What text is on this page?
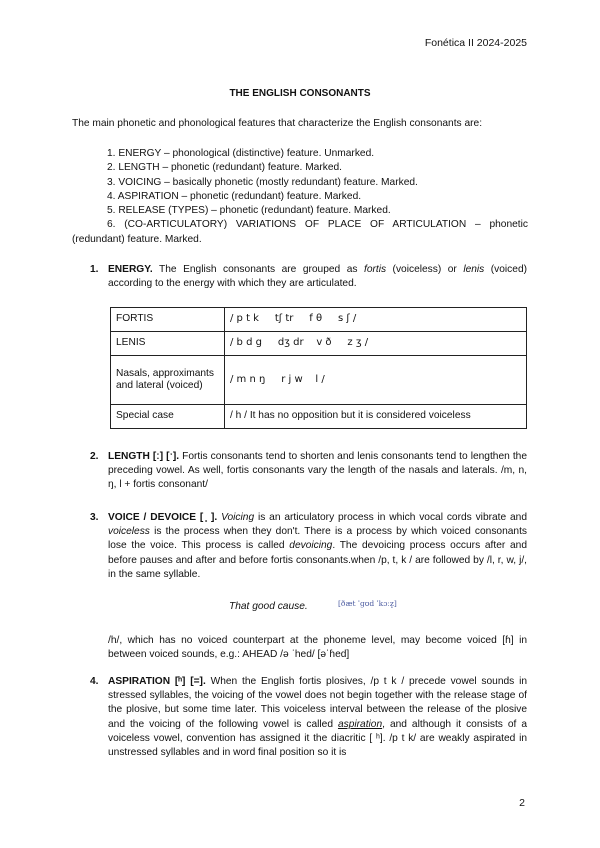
Fonética II 2024-2025
THE ENGLISH CONSONANTS
The main phonetic and phonological features that characterize the English consonants are:
1. ENERGY – phonological (distinctive) feature. Unmarked.
2. LENGTH – phonetic (redundant) feature. Marked.
3. VOICING – basically phonetic (mostly redundant) feature. Marked.
4. ASPIRATION – phonetic (redundant) feature. Marked.
5. RELEASE (TYPES) – phonetic (redundant) feature. Marked.
6. (CO-ARTICULATORY) VARIATIONS OF PLACE OF ARTICULATION – phonetic (redundant) feature. Marked.
1. ENERGY. The English consonants are grouped as fortis (voiceless) or lenis (voiced) according to the energy with which they are articulated.
FORTIS	/ p t k     tʃ tr     f θ     s ʃ /
LENIS	/ b d g     dʒ dr    v ð     z ʒ /
Nasals, approximants and lateral (voiced)	/ m n ŋ     r j w    l /
Special case	/ h / It has no opposition but it is considered voiceless
2. LENGTH [ː] [ˑ]. Fortis consonants tend to shorten and lenis consonants tend to lengthen the preceding vowel. As well, fortis consonants vary the length of the nasals and laterals. /m, n, ŋ, l + fortis consonant/
3. VOICE / DEVOICE [ ̥ ]. Voicing is an articulatory process in which vocal cords vibrate and voiceless is the process when they don't. There is a process by which voiced consonants lose the voice. This process is called devoicing. The devoicing process occurs after and before pauses and after and before fortis consonants.when /p, t, k / are followed by /l, r, w, j/, in the same syllable.
That good cause.	[ðæt ˈɡʊd ˈkɔːz̥]
/h/, which has no voiced counterpart at the phoneme level, may become voiced [ɦ] in between voiced sounds, e.g.: AHEAD /ə ˈhed/ [əˈɦed]
4. ASPIRATION [ʰ] [=]. When the English fortis plosives, /p t k / precede vowel sounds in stressed syllables, the voicing of the vowel does not begin together with the release stage of the plosive, but some time later. This voiceless interval between the release of the plosive and the voicing of the following vowel is called aspiration, and although it consists of a voiceless vowel, convention has assigned it the diacritic [ ʰ]. /p t k/ are weakly aspirated in unstressed syllables and in word final position so it is
2
